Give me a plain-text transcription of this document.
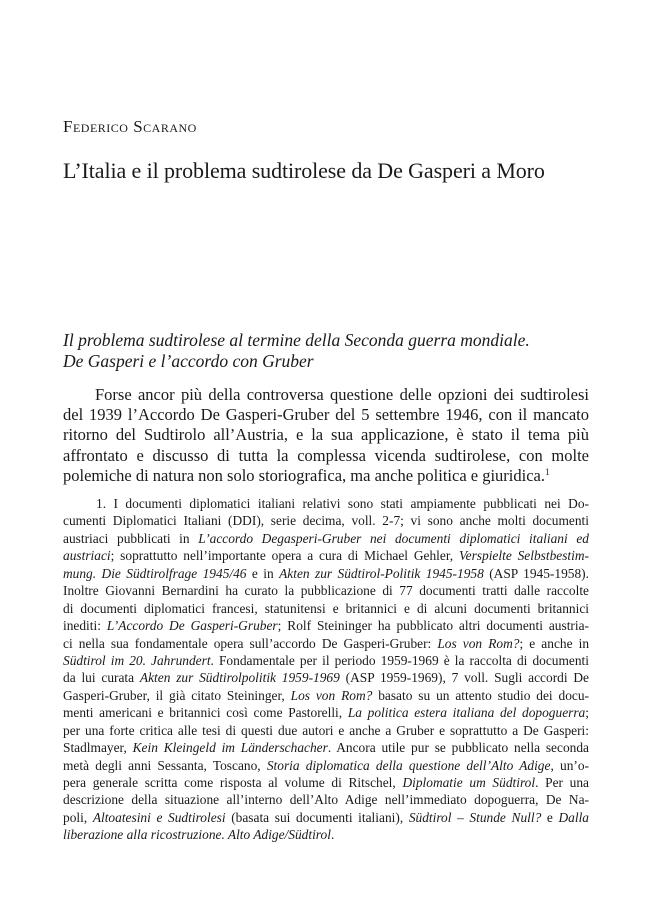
Federico Scarano
L’Italia e il problema sudtirolese da De Gasperi a Moro
Il problema sudtirolese al termine della Seconda guerra mondiale.
De Gasperi e l’accordo con Gruber
Forse ancor più della controversa questione delle opzioni dei sudtirolesi
del 1939 l’Accordo De Gasperi-Gruber del 5 settembre 1946, con il mancato
ritorno del Sudtirolo all’Austria, e la sua applicazione, è stato il tema più
affrontato e discusso di tutta la complessa vicenda sudtirolese, con molte
polemiche di natura non solo storiografica, ma anche politica e giuridica.$^1$
1. I documenti diplomatici italiani relativi sono stati ampiamente pubblicati nei Do-
cumenti Diplomatici Italiani (DDI), serie decima, voll. 2-7; vi sono anche molti documenti
austriaci pubblicati in L’accordo Degasperi-Gruber nei documenti diplomatici italiani ed
austriaci; soprattutto nell’importante opera a cura di Michael Gehler, Verspielte Selbstbestim-
mung. Die Südtirolfrage 1945/46 e in Akten zur Südtirol-Politik 1945-1958 (ASP 1945-1958).
Inoltre Giovanni Bernardini ha curato la pubblicazione di 77 documenti tratti dalle raccolte
di documenti diplomatici francesi, statunitensi e britannici e di alcuni documenti britannici
inediti: L’Accordo De Gasperi-Gruber; Rolf Steininger ha pubblicato altri documenti austria-
ci nella sua fondamentale opera sull’accordo De Gasperi-Gruber: Los von Rom?; e anche in
Südtirol im 20. Jahrundert. Fondamentale per il periodo 1959-1969 è la raccolta di documenti
da lui curata Akten zur Südtirolpolitik 1959-1969 (ASP 1959-1969), 7 voll. Sugli accordi De
Gasperi-Gruber, il già citato Steininger, Los von Rom? basato su un attento studio dei docu-
menti americani e britannici così come Pastorelli, La politica estera italiana del dopoguerra;
per una forte critica alle tesi di questi due autori e anche a Gruber e soprattutto a De Gasperi:
Stadlmayer, Kein Kleingeld im Länderschacher. Ancora utile pur se pubblicato nella seconda
metà degli anni Sessanta, Toscano, Storia diplomatica della questione dell’Alto Adige, un’o-
pera generale scritta come risposta al volume di Ritschel, Diplomatie um Südtirol. Per una
descrizione della situazione all’interno dell’Alto Adige nell’immediato dopoguerra, De Na-
poli, Altoatesini e Sudtirolesi (basata sui documenti italiani), Südtirol – Stunde Null? e Dalla
liberazione alla ricostruzione. Alto Adige/Südtirol.
